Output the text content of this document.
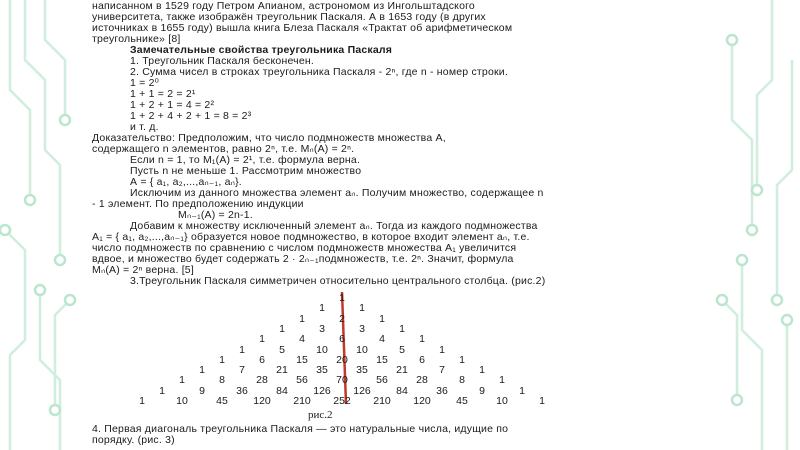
написанном в 1529 году Петром Апианом, астрономом из Ингольштадского
университета, также изображён треугольник Паскаля. А в 1653 году (в других
источниках в 1655 году) вышла книга Блеза Паскаля «Трактат об арифметическом
треугольнике» [8]
Замечательные свойства треугольника Паскаля
1. Треугольник Паскаля бесконечен.
2. Сумма чисел в строках треугольника Паскаля - 2ⁿ, где n - номер строки.
1 = 2⁰
1 + 1 = 2 = 2¹
1 + 2 + 1 = 4 = 2²
1 + 2 + 4 + 2 + 1 = 8 = 2³
и т. д.
Доказательство: Предположим, что число подмножеств множества А,
содержащего n элементов, равно 2ⁿ, т.е. Mₙ(А) = 2ⁿ.
Если n = 1, то M₁(А) = 2¹, т.е. формула верна.
Пусть n не меньше 1. Рассмотрим множество
А = { a₁, a₂,...,aₙ₋₁, aₙ}.
Исключим из данного множества элемент aₙ. Получим множество, содержащее n
- 1 элемент. По предположению индукции
Mₙ₋₁(А) = 2n-1.
Добавим к множеству исключенный элемент aₙ. Тогда из каждого подмножества
А₁ = { a₁, a₂,...,aₙ₋₁} образуется новое подмножество, в которое входит элемент aₙ, т.е.
число подмножеств по сравнению с числом подмножеств множества А₁ увеличится
вдвое, и множество будет содержать 2 · 2ₙ₋₁подмножеств, т.е. 2ⁿ. Значит, формула
Mₙ(А) = 2ⁿ верна. [5]
3.Треугольник Паскаля симметричен относительно центрального столбца. (рис.2)
1
1	1
1	2	1
1	3	3	1
1	4	6	4	1
1	5	10	10	5	1
1	6	15	20	15	6	1
1	7	21	35	35	21	7	1
1	8	28	56	70	56	28	8	1
1	9	36	84 126 126 84	36	9	1
1	10	45 120 210 252 210 120 45	10	1
рис.2
4. Первая диагональ треугольника Паскаля — это натуральные числа, идущие по
порядку. (рис. 3)
